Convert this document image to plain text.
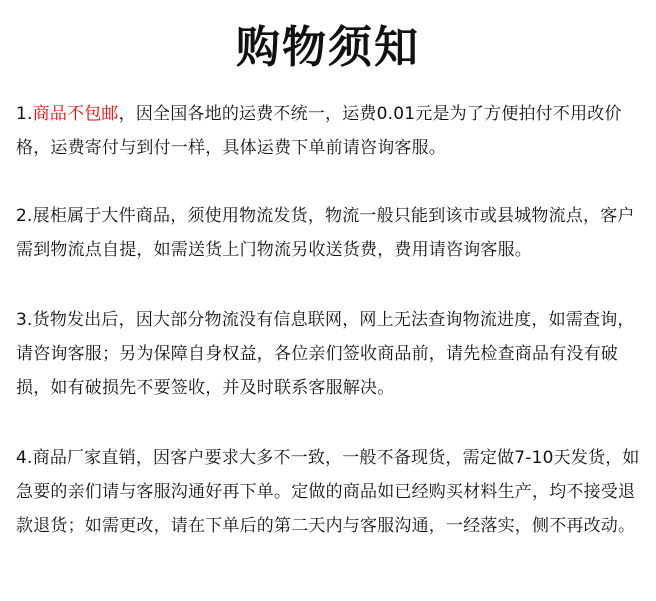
购物须知

1.商品不包邮，因全国各地的运费不统一，运费0.01元是为了方便拍付不用改价格，运费寄付与到付一样，具体运费下单前请咨询客服。

2.展柜属于大件商品，须使用物流发货，物流一般只能到该市或县城物流点，客户需到物流点自提，如需送货上门物流另收送货费，费用请咨询客服。

3.货物发出后，因大部分物流没有信息联网，网上无法查询物流进度，如需查询，请咨询客服；另为保障自身权益，各位亲们签收商品前，请先检查商品有没有破损，如有破损先不要签收，并及时联系客服解决。

4.商品厂家直销，因客户要求大多不一致，一般不备现货，需定做7-10天发货，如急要的亲们请与客服沟通好再下单。定做的商品如已经购买材料生产，均不接受退款退货；如需更改，请在下单后的第二天内与客服沟通，一经落实，侧不再改动。
